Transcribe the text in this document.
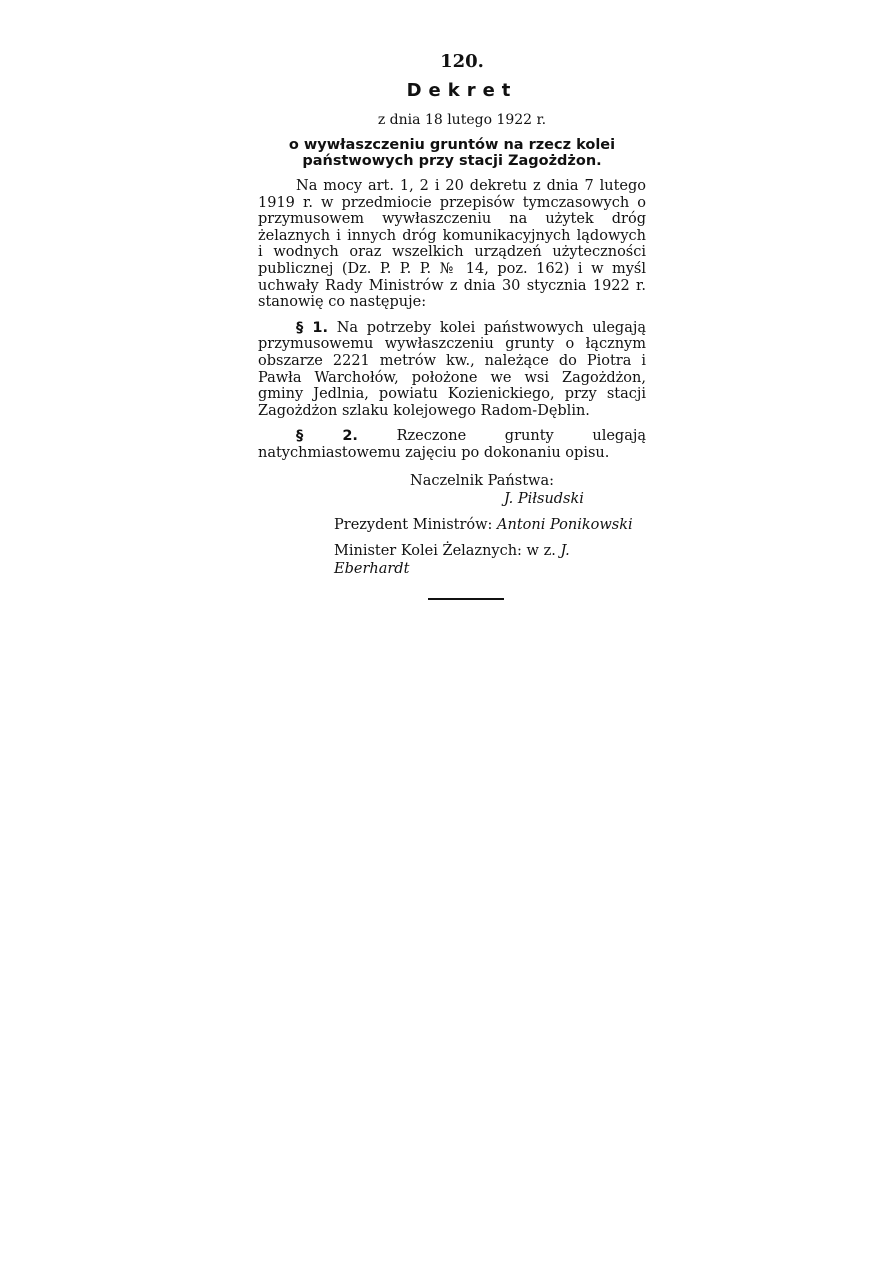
120.
Dekret
z dnia 18 lutego 1922 r.
o wywłaszczeniu gruntów na rzecz kolei państwowych przy stacji Zagożdżon.
Na mocy art. 1, 2 i 20 dekretu z dnia 7 lutego 1919 r. w przedmiocie przepisów tymczasowych o przymusowem wywłaszczeniu na użytek dróg żelaznych i innych dróg komunikacyjnych lądowych i wodnych oraz wszelkich urządzeń użyteczności publicznej (Dz. P. P. P. № 14, poz. 162) i w myśl uchwały Rady Ministrów z dnia 30 stycznia 1922 r. stanowię co następuje:
§ 1. Na potrzeby kolei państwowych ulegają przymusowemu wywłaszczeniu grunty o łącznym obszarze 2221 metrów kw., należące do Piotra i Pawła Warchołów, położone we wsi Zagożdżon, gminy Jedlnia, powiatu Kozienickiego, przy stacji Zagożdżon szlaku kolejowego Radom-Dęblin.
§ 2.	Rzeczone grunty ulegają natychmiastowemu zajęciu po dokonaniu opisu.
Naczelnik Państwa:
J. Piłsudski
Prezydent Ministrów: Antoni Ponikowski
Minister Kolei Żelaznych: w z. J. Eberhardt
